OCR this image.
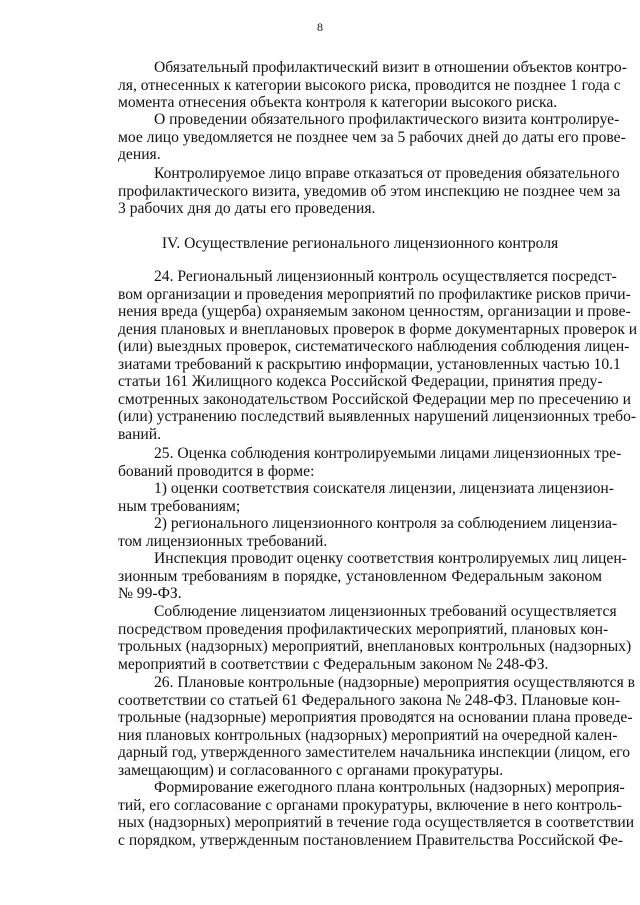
8
Обязательный профилактический визит в отношении объектов контро-
ля, отнесенных к категории высокого риска, проводится не позднее 1 года с
момента отнесения объекта контроля к категории высокого риска.
О проведении обязательного профилактического визита контролируе-
мое лицо уведомляется не позднее чем за 5 рабочих дней до даты его прове-
дения.
Контролируемое лицо вправе отказаться от проведения обязательного
профилактического визита, уведомив об этом инспекцию не позднее чем за
3 рабочих дня до даты его проведения.
IV. Осуществление регионального лицензионного контроля
24. Региональный лицензионный контроль осуществляется посредст-
вом организации и проведения мероприятий по профилактике рисков причи-
нения вреда (ущерба) охраняемым законом ценностям, организации и прове-
дения плановых и внеплановых проверок в форме документарных проверок и
(или) выездных проверок, систематического наблюдения соблюдения лицен-
зиатами требований к раскрытию информации, установленных частью 10.1
статьи 161 Жилищного кодекса Российской Федерации, принятия преду-
смотренных законодательством Российской Федерации мер по пресечению и
(или) устранению последствий выявленных нарушений лицензионных требо-
ваний.
25. Оценка соблюдения контролируемыми лицами лицензионных тре-
бований проводится в форме:
1) оценки соответствия соискателя лицензии, лицензиата лицензион-
ным требованиям;
2) регионального лицензионного контроля за соблюдением лицензиа-
том лицензионных требований.
Инспекция проводит оценку соответствия контролируемых лиц лицен-
зионным требованиям в порядке, установленном Федеральным законом
№ 99-ФЗ.
Соблюдение лицензиатом лицензионных требований осуществляется
посредством проведения профилактических мероприятий, плановых кон-
трольных (надзорных) мероприятий, внеплановых контрольных (надзорных)
мероприятий в соответствии с Федеральным законом № 248-ФЗ.
26. Плановые контрольные (надзорные) мероприятия осуществляются в
соответствии со статьей 61 Федерального закона № 248-ФЗ. Плановые кон-
трольные (надзорные) мероприятия проводятся на основании плана проведе-
ния плановых контрольных (надзорных) мероприятий на очередной кален-
дарный год, утвержденного заместителем начальника инспекции (лицом, его
замещающим) и согласованного с органами прокуратуры.
Формирование ежегодного плана контрольных (надзорных) мероприя-
тий, его согласование с органами прокуратуры, включение в него контроль-
ных (надзорных) мероприятий в течение года осуществляется в соответствии
с порядком, утвержденным постановлением Правительства Российской Фе-
